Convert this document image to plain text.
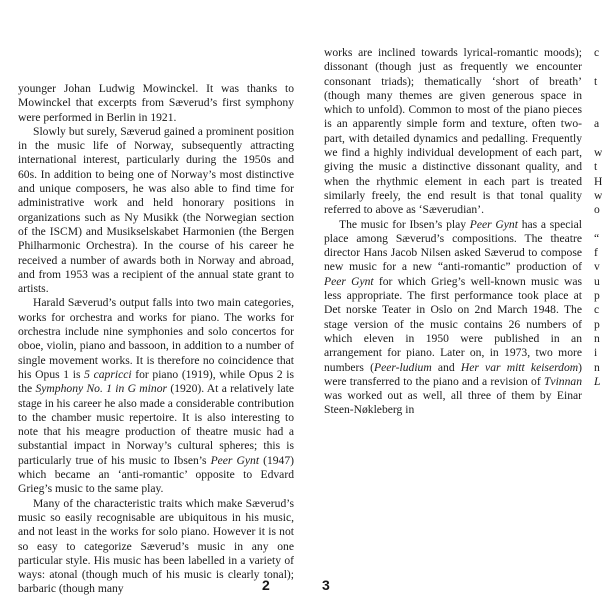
younger Johan Ludwig Mowinckel. It was thanks to Mowinckel that excerpts from Sæverud’s first symphony were performed in Berlin in 1921.

Slowly but surely, Sæverud gained a prominent position in the music life of Norway, subsequently attracting international interest, particularly during the 1950s and 60s. In addition to being one of Norway’s most distinctive and unique composers, he was also able to find time for administrative work and held honorary positions in organizations such as Ny Musikk (the Norwegian section of the ISCM) and Musikselskabet Harmonien (the Bergen Philharmonic Orchestra). In the course of his career he received a number of awards both in Norway and abroad, and from 1953 was a recipient of the annual state grant to artists.

Harald Sæverud’s output falls into two main categories, works for orchestra and works for piano. The works for orchestra include nine symphonies and solo concertos for oboe, violin, piano and bassoon, in addition to a number of single movement works. It is therefore no coincidence that his Opus 1 is 5 capricci for piano (1919), while Opus 2 is the Symphony No. 1 in G minor (1920). At a relatively late stage in his career he also made a considerable contribution to the chamber music repertoire. It is also interesting to note that his meagre production of theatre music had a substantial impact in Norway’s cultural spheres; this is particularly true of his music to Ibsen’s Peer Gynt (1947) which became an ‘anti-romantic’ opposite to Edvard Grieg’s music to the same play.

Many of the characteristic traits which make Sæverud’s music so easily recognisable are ubiquitous in his music, and not least in the works for solo piano. However it is not so easy to categorize Sæverud’s music in any one particular style. His music has been labelled in a variety of ways: atonal (though much of his music is clearly tonal); barbaric (though many	2

works are inclined towards lyrical-romantic moods); dissonant (though just as frequently we encounter consonant triads); thematically ‘short of breath’ (though many themes are given generous space in which to unfold). Common to most of the piano pieces is an apparently simple form and texture, often two-part, with detailed dynamics and pedalling. Frequently we find a highly individual development of each part, giving the music a distinctive dissonant quality, and when the rhythmic element in each part is treated similarly freely, the end result is that tonal quality referred to above as ‘Sæverudian’.

The music for Ibsen’s play Peer Gynt has a special place among Sæverud’s compositions. The theatre director Hans Jacob Nilsen asked Sæverud to compose new music for a new “anti-romantic” production of Peer Gynt for which Grieg’s well-known music was less appropriate. The first performance took place at Det norske Teater in Oslo on 2nd March 1948. The stage version of the music contains 26 numbers of which eleven in 1950 were published in an arrangement for piano. Later on, in 1973, two more numbers (Peer-ludium and Her var mitt keiserdom) were transferred to the piano and a revision of Tvinnan was worked out as well, all three of them by Einar Steen-Nøkleberg in

3
c

t

a

w
t
H
w
o

“
f
v
u
p
c
p
n
i
n
L
